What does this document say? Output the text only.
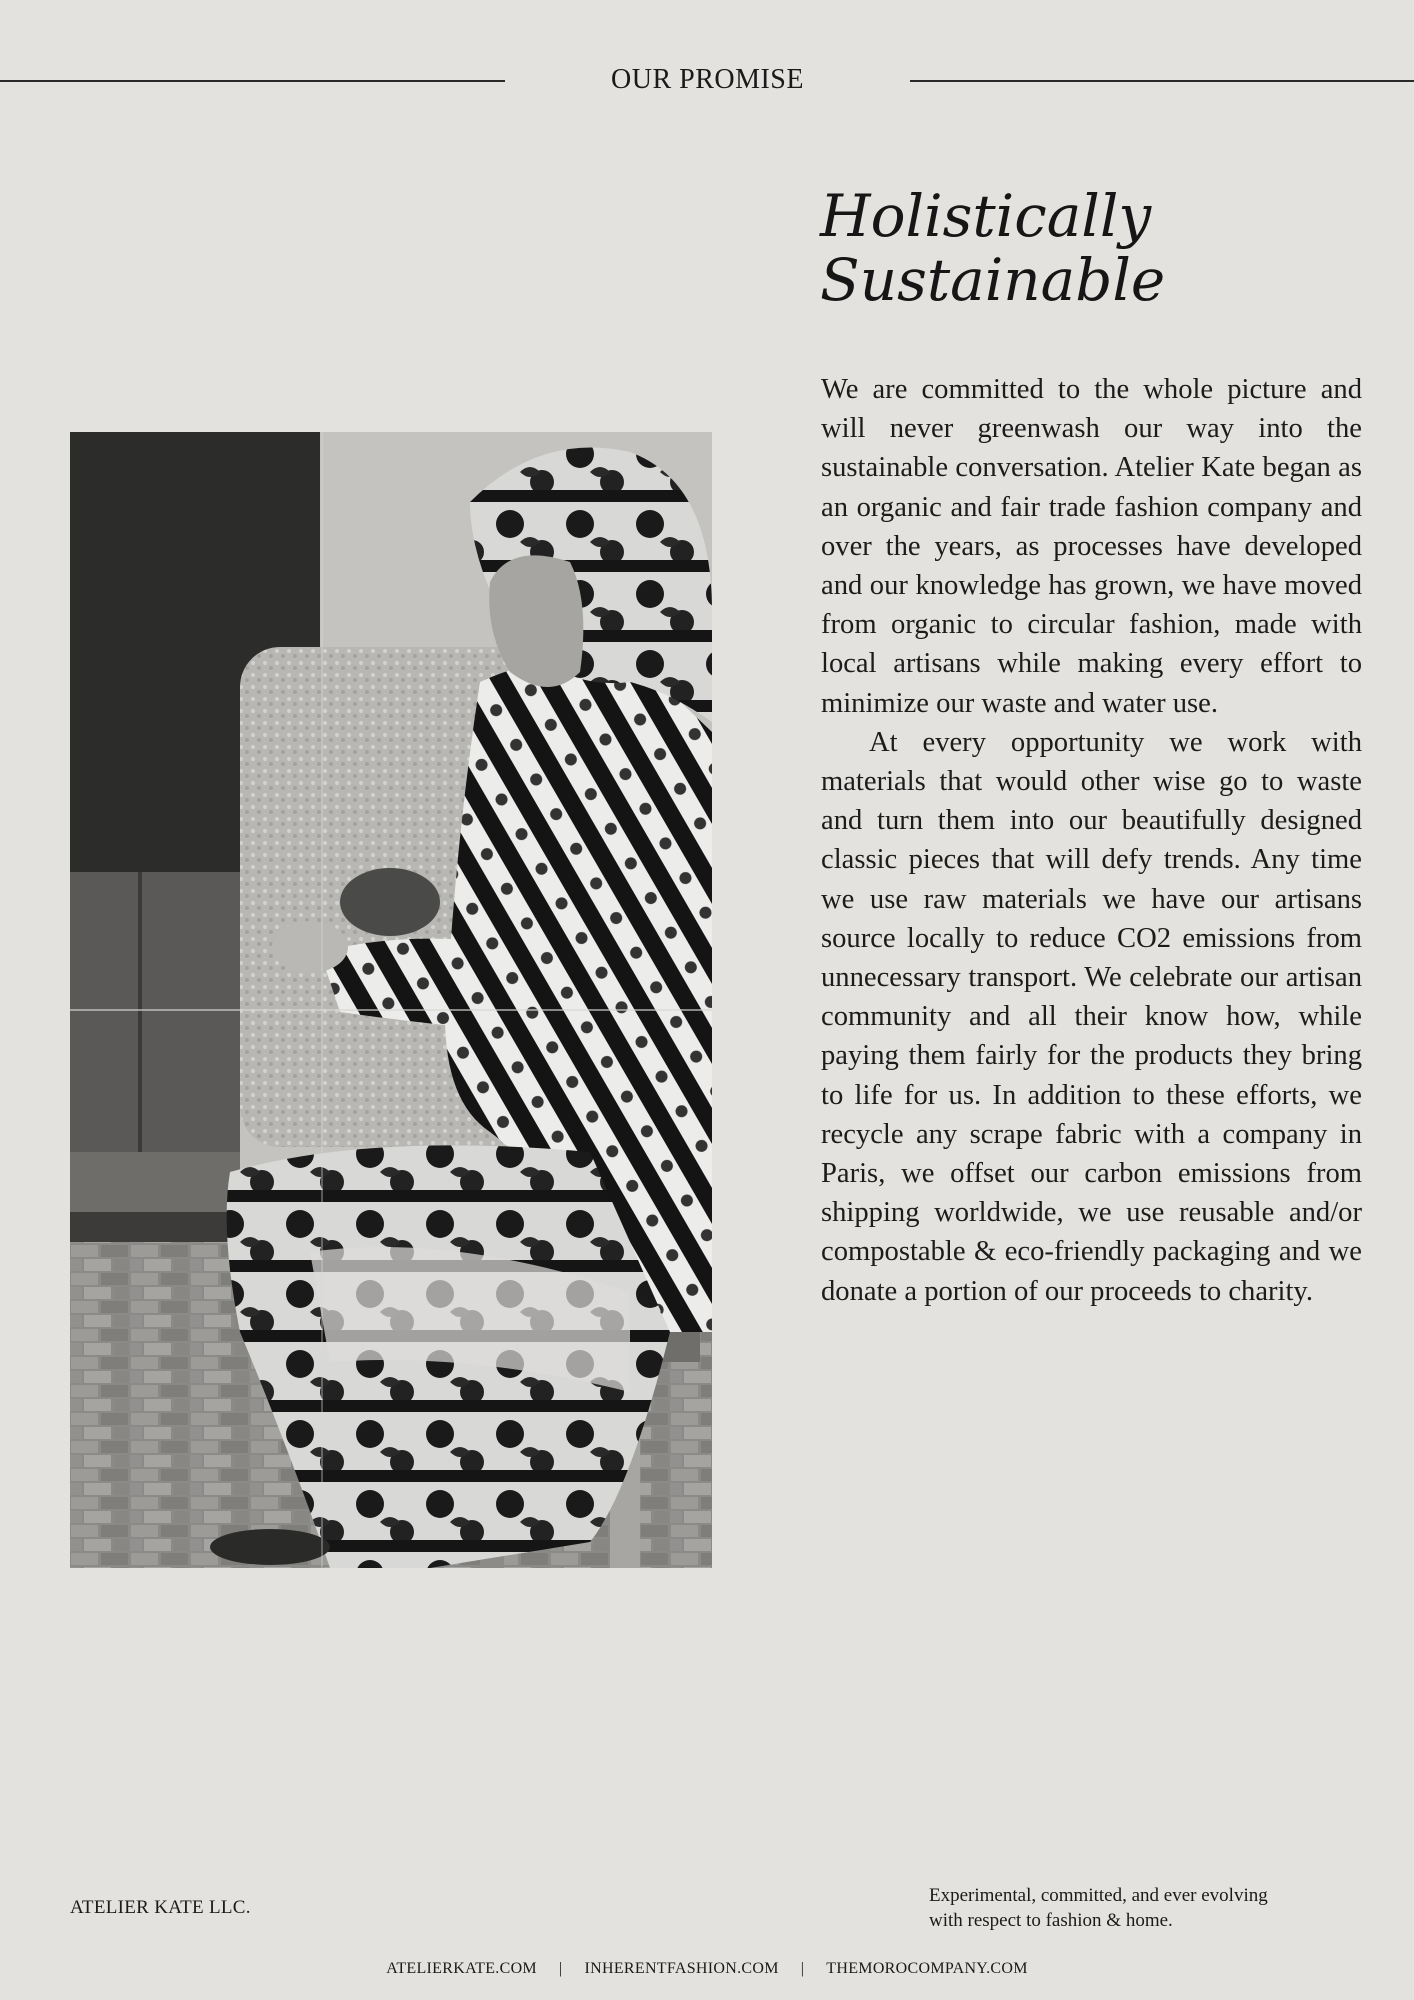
OUR PROMISE
Holistically
Sustainable

We are committed to the whole picture and will never greenwash our way into the sustainable conversation. Atelier Kate began as an organic and fair trade fashion company and over the years, as processes have developed and our knowledge has grown, we have moved from organic to circular fashion, made with local artisans while making every effort to minimize our waste and water use.

At every opportunity we work with materials that would other wise go to waste and turn them into our beautifully designed classic pieces that will defy trends. Any time we use raw materials we have our artisans source locally to reduce CO2 emissions from unnecessary transport. We celebrate our artisan community and all their know how, while paying them fairly for the products they bring to life for us. In addition to these efforts, we recycle any scrape fabric with a company in Paris, we offset our carbon emissions from shipping worldwide, we use reusable and/or compostable & eco-friendly packaging and we donate a portion of our proceeds to charity.

ATELIER KATE LLC.
Experimental, committed, and ever evolving
with respect to fashion & home.
ATELIERKATE.COM | INHERENTFASHION.COM | THEMOROCOMPANY.COM
